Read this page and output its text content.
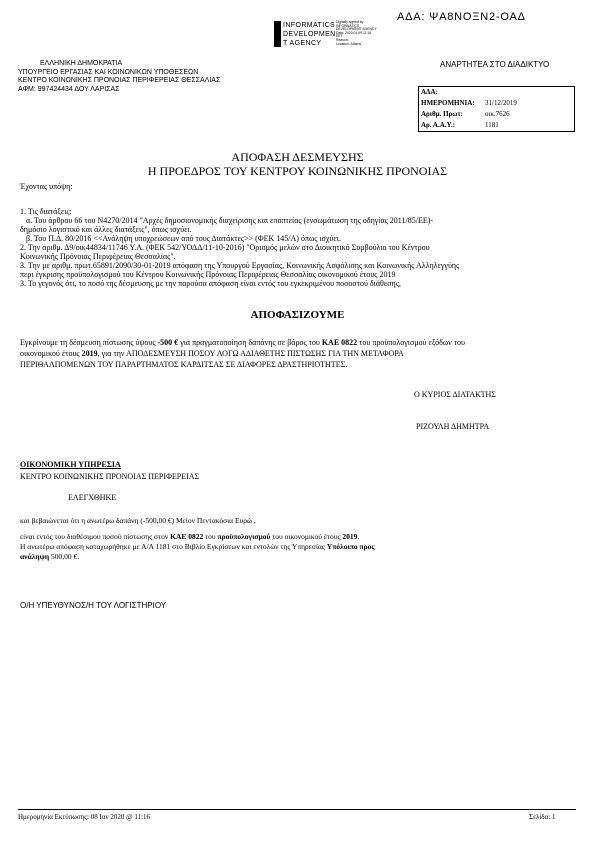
ΑΔΑ: ΨΑ8ΝΟΞΝ2-ΟΑΔ
INFORMATICS
DEVELOPMEN
T AGENCY
Digitally signed by
INFORMATICS
DEVELOPMENT AGENCY
Date: 2020.01.09 11:16
EET
Reason:
Location: Athens
ΑΝΑΡΤΗΤΕΑ ΣΤΟ ΔΙΑΔΙΚΤΥΟ
ΕΛΛΗΝΙΚΗ ΔΗΜΟΚΡΑΤΙΑ
ΥΠΟΥΡΓΕΙΟ ΕΡΓΑΣΙΑΣ ΚΑΙ ΚΟΙΝΩΝΙΚΩΝ ΥΠΟΘΕΣΕΩΝ
ΚΕΝΤΡΟ ΚΟΙΝΩΝΙΚΗΣ ΠΡΟΝΟΙΑΣ ΠΕΡΙΦΕΡΕΙΑΣ ΘΕΣΣΑΛΙΑΣ
ΑΦΜ: 997424434 ΔΟΥ ΛΑΡΙΣΑΣ	ΑΔΑ:	
ΗΜΕΡΟΜΗΝΙΑ:	31/12/2019
Αριθμ. Πρωτ:	οικ.7626
Αρ. Α.Α.Υ.:	1181
ΑΠΟΦΑΣΗ ΔΕΣΜΕΥΣΗΣ
Η ΠΡΟΕΔΡΟΣ ΤΟΥ ΚΕΝΤΡΟΥ ΚΟΙΝΩΝΙΚΗΣ ΠΡΟΝΟΙΑΣ
Έχοντας υπόψη:
1. Τις διατάξεις:
α. Του άρθρου 66 του Ν4270/2014 "Αρχές δημοσιονομικής διαχείρισης και εποπτείας (ενσωμάτωση της οδηγίας 2011/85/ΕΕ)-
δημόσιο λογιστικό και άλλες διατάξεις", όπως ισχύει.
β. Του Π.Δ. 80/2016 <<Ανάληψη υποχρεώσεων από τους Διατάκτες>> (ΦΕΚ 145/Α) όπως ισχύει.
2. Την αριθμ. Δ9/οικ44834/11746 Υ.Α. (ΦΕΚ 542/ΥΟΔΔ/11-10-2016) "Ορισμός μελών στο Διοικητικό Συμβούλιο του Κέντρου
Κοινωνικής Πρόνοιας Περιφέρειας Θεσσαλίας".
3. Την με αριθμ. πρωτ.65891/2090/30-01-2019 απόφαση της Υπουργού Εργασίας, Κοινωνικής Ασφάλισης και Κοινωνικής Αλληλεγγύης
περι έγκρισης προϋπολογισμού του Κέντρου Κοινωνικής Πρόνοιας Περιφέρειας Θεσσαλίας οικονομικού έτους 2019
3. Το γεγονός ότι, το ποσό της δέσμευσης με την παρούσα απόφαση είναι εντός του εγκεκριμένου ποσοστού διάθεσης,
ΑΠΟΦΑΣΙΖΟΥΜΕ
Εγκρίνουμε τη δέσμευση πίστωσης ύψους -500 € για πραγματοποίηση δαπάνης σε βάρος του ΚΑΕ 0822 του προϋπολογισμού εξόδων του
οικονομικού έτους 2019, για την ΑΠΟΔΕΣΜΕΥΣΗ ΠΟΣΟΥ ΛΟΓΩ ΑΔΙΑΘΕΤΗΣ ΠΙΣΤΩΣΗΣ ΓΙΑ ΤΗΝ ΜΕΤΑΦΟΡΑ
ΠΕΡΙΘΑΛΠΟΜΕΝΩΝ ΤΟΥ ΠΑΡΑΡΤΗΜΑΤΟΣ ΚΑΡΔΙΤΣΑΣ ΣΕ ΔΙΑΦΟΡΕΣ ΔΡΑΣΤΗΡΙΟΤΗΤΕΣ.
Ο ΚΥΡΙΟΣ ΔΙΑΤΑΚΤΗΣ
ΡΙΖΟΥΛΗ ΔΗΜΗΤΡΑ
ΟΙΚΟΝΟΜΙΚΗ ΥΠΗΡΕΣΙΑ
ΚΕΝΤΡΟ ΚΟΙΝΩΝΙΚΗΣ ΠΡΟΝΟΙΑΣ ΠΕΡΙΦΕΡΕΙΑΣ
ΕΛΕΓΧΘΗΚΕ
και βεβαιώνεται ότι η ανωτέρω δαπάνη (-500,00 €) Μείον Πεντακόσια Ευρώ ,
είναι εντός του διαθέσιμου ποσού πίστωσης στον ΚΑΕ 0822 του προϋπολογισμού του οικονομικού έτους 2019.
Η ανωτέρω απόφαση καταχωρήθηκε με Α/Α 1181 στο Βιβλίο Εγκρίσεων και εντολών της Υπηρεσίας Υπόλοιπο προς
ανάληψη 500,00 €.
Ο/Η ΥΠΕΥΘΥΝΟΣ/Η ΤΟΥ ΛΟΓΙΣΤΗΡΙΟΥ
Ημερομηνία Εκτύπωσης: 08 Ιαν 2020 @ 11:16	Σελίδα: 1
